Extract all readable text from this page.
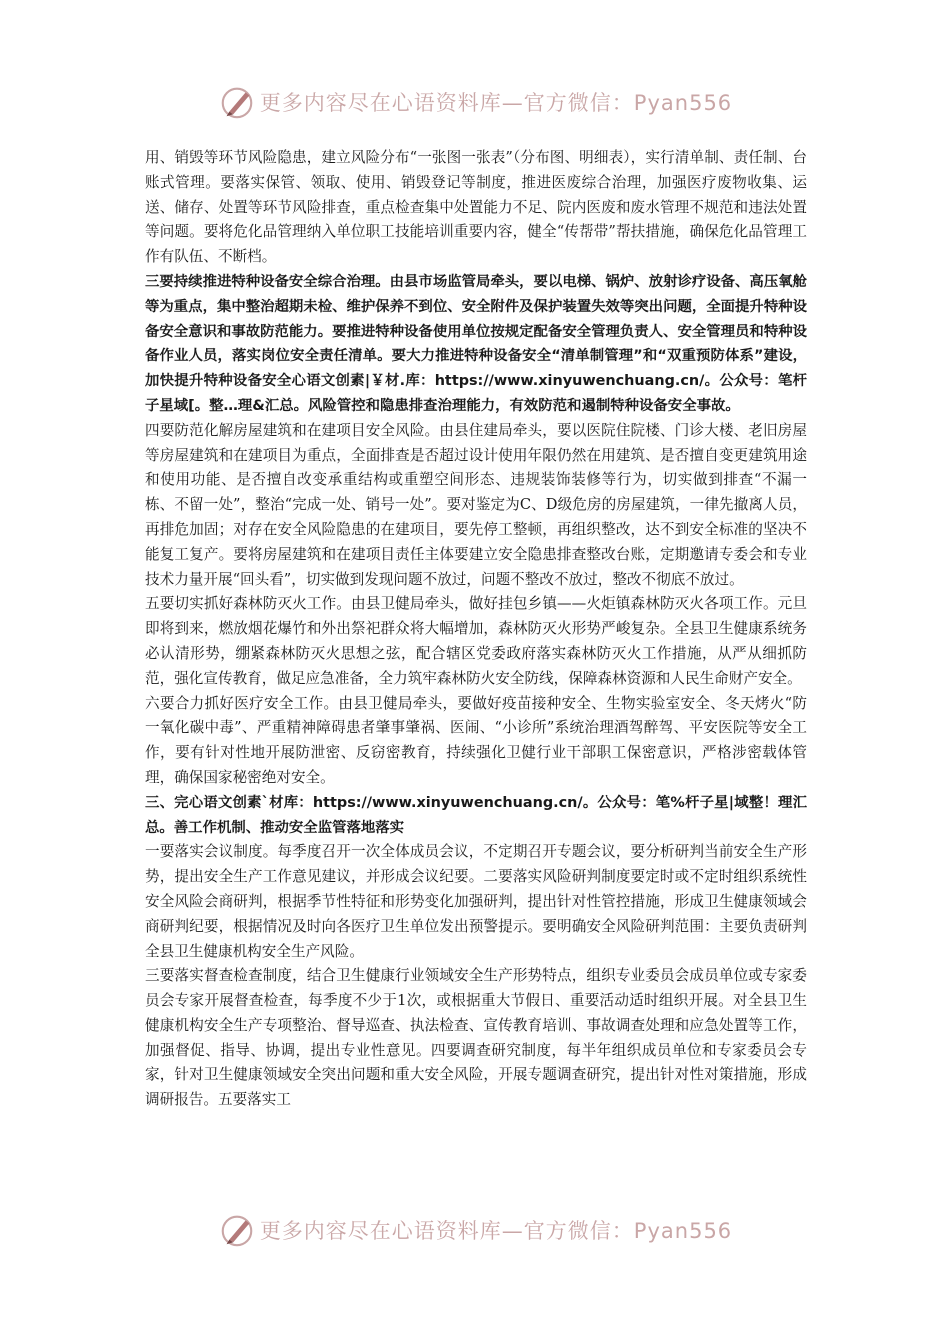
更多内容尽在心语资料库—官方微信：Pyan556

用、销毁等环节风险隐患，建立风险分布“一张图一张表”（分布图、明细表），实行清单制、责任制、台账式管理。要落实保管、领取、使用、销毁登记等制度，推进医废综合治理，加强医疗废物收集、运送、储存、处置等环节风险排查，重点检查集中处置能力不足、院内医废和废水管理不规范和违法处置等问题。要将危化品管理纳入单位职工技能培训重要内容，健全“传帮带”帮扶措施，确保危化品管理工作有队伍、不断档。

三要持续推进特种设备安全综合治理。由县市场监管局牵头，要以电梯、锅炉、放射诊疗设备、高压氧舱等为重点，集中整治超期未检、维护保养不到位、安全附件及保护装置失效等突出问题，全面提升特种设备安全意识和事故防范能力。要推进特种设备使用单位按规定配备安全管理负责人、安全管理员和特种设备作业人员，落实岗位安全责任清单。要大力推进特种设备安全“清单制管理”和“双重预防体系”建设，加快提升特种设备安全心语文创素|￥材.库：https://www.xinyuwenchuang.cn/。公众号：笔杆子星域[。整…理&汇总。风险管控和隐患排查治理能力，有效防范和遏制特种设备安全事故。

四要防范化解房屋建筑和在建项目安全风险。由县住建局牵头，要以医院住院楼、门诊大楼、老旧房屋等房屋建筑和在建项目为重点，全面排查是否超过设计使用年限仍然在用建筑、是否擅自变更建筑用途和使用功能、是否擅自改变承重结构或重塑空间形态、违规装饰装修等行为，切实做到排查“不漏一栋、不留一处”，整治“完成一处、销号一处”。要对鉴定为C、D级危房的房屋建筑，一律先撤离人员，再排危加固；对存在安全风险隐患的在建项目，要先停工整顿，再组织整改，达不到安全标准的坚决不能复工复产。要将房屋建筑和在建项目责任主体要建立安全隐患排查整改台账，定期邀请专委会和专业技术力量开展“回头看”，切实做到发现问题不放过，问题不整改不放过，整改不彻底不放过。

五要切实抓好森林防灭火工作。由县卫健局牵头，做好挂包乡镇——火炬镇森林防灭火各项工作。元旦即将到来，燃放烟花爆竹和外出祭祀群众将大幅增加，森林防灭火形势严峻复杂。全县卫生健康系统务必认清形势，绷紧森林防灭火思想之弦，配合辖区党委政府落实森林防灭火工作措施，从严从细抓防范，强化宣传教育，做足应急准备，全力筑牢森林防火安全防线，保障森林资源和人民生命财产安全。

六要合力抓好医疗安全工作。由县卫健局牵头，要做好疫苗接种安全、生物实验室安全、冬天烤火“防一氧化碳中毒”、严重精神障碍患者肇事肇祸、医闹、“小诊所”系统治理酒驾醉驾、平安医院等安全工作，要有针对性地开展防泄密、反窃密教育，持续强化卫健行业干部职工保密意识，严格涉密载体管理，确保国家秘密绝对安全。

三、完心语文创素`材库：https://www.xinyuwenchuang.cn/。公众号：笔%杆子星|域整！理汇总。善工作机制、推动安全监管落地落实

一要落实会议制度。每季度召开一次全体成员会议，不定期召开专题会议，要分析研判当前安全生产形势，提出安全生产工作意见建议，并形成会议纪要。二要落实风险研判制度要定时或不定时组织系统性安全风险会商研判，根据季节性特征和形势变化加强研判，提出针对性管控措施，形成卫生健康领域会商研判纪要，根据情况及时向各医疗卫生单位发出预警提示。要明确安全风险研判范围：主要负责研判全县卫生健康机构安全生产风险。

三要落实督查检查制度，结合卫生健康行业领域安全生产形势特点，组织专业委员会成员单位或专家委员会专家开展督查检查，每季度不少于1次，或根据重大节假日、重要活动适时组织开展。对全县卫生健康机构安全生产专项整治、督导巡查、执法检查、宣传教育培训、事故调查处理和应急处置等工作，加强督促、指导、协调，提出专业性意见。四要调查研究制度，每半年组织成员单位和专家委员会专家，针对卫生健康领域安全突出问题和重大安全风险，开展专题调查研究，提出针对性对策措施，形成调研报告。五要落实工

更多内容尽在心语资料库—官方微信：Pyan556
